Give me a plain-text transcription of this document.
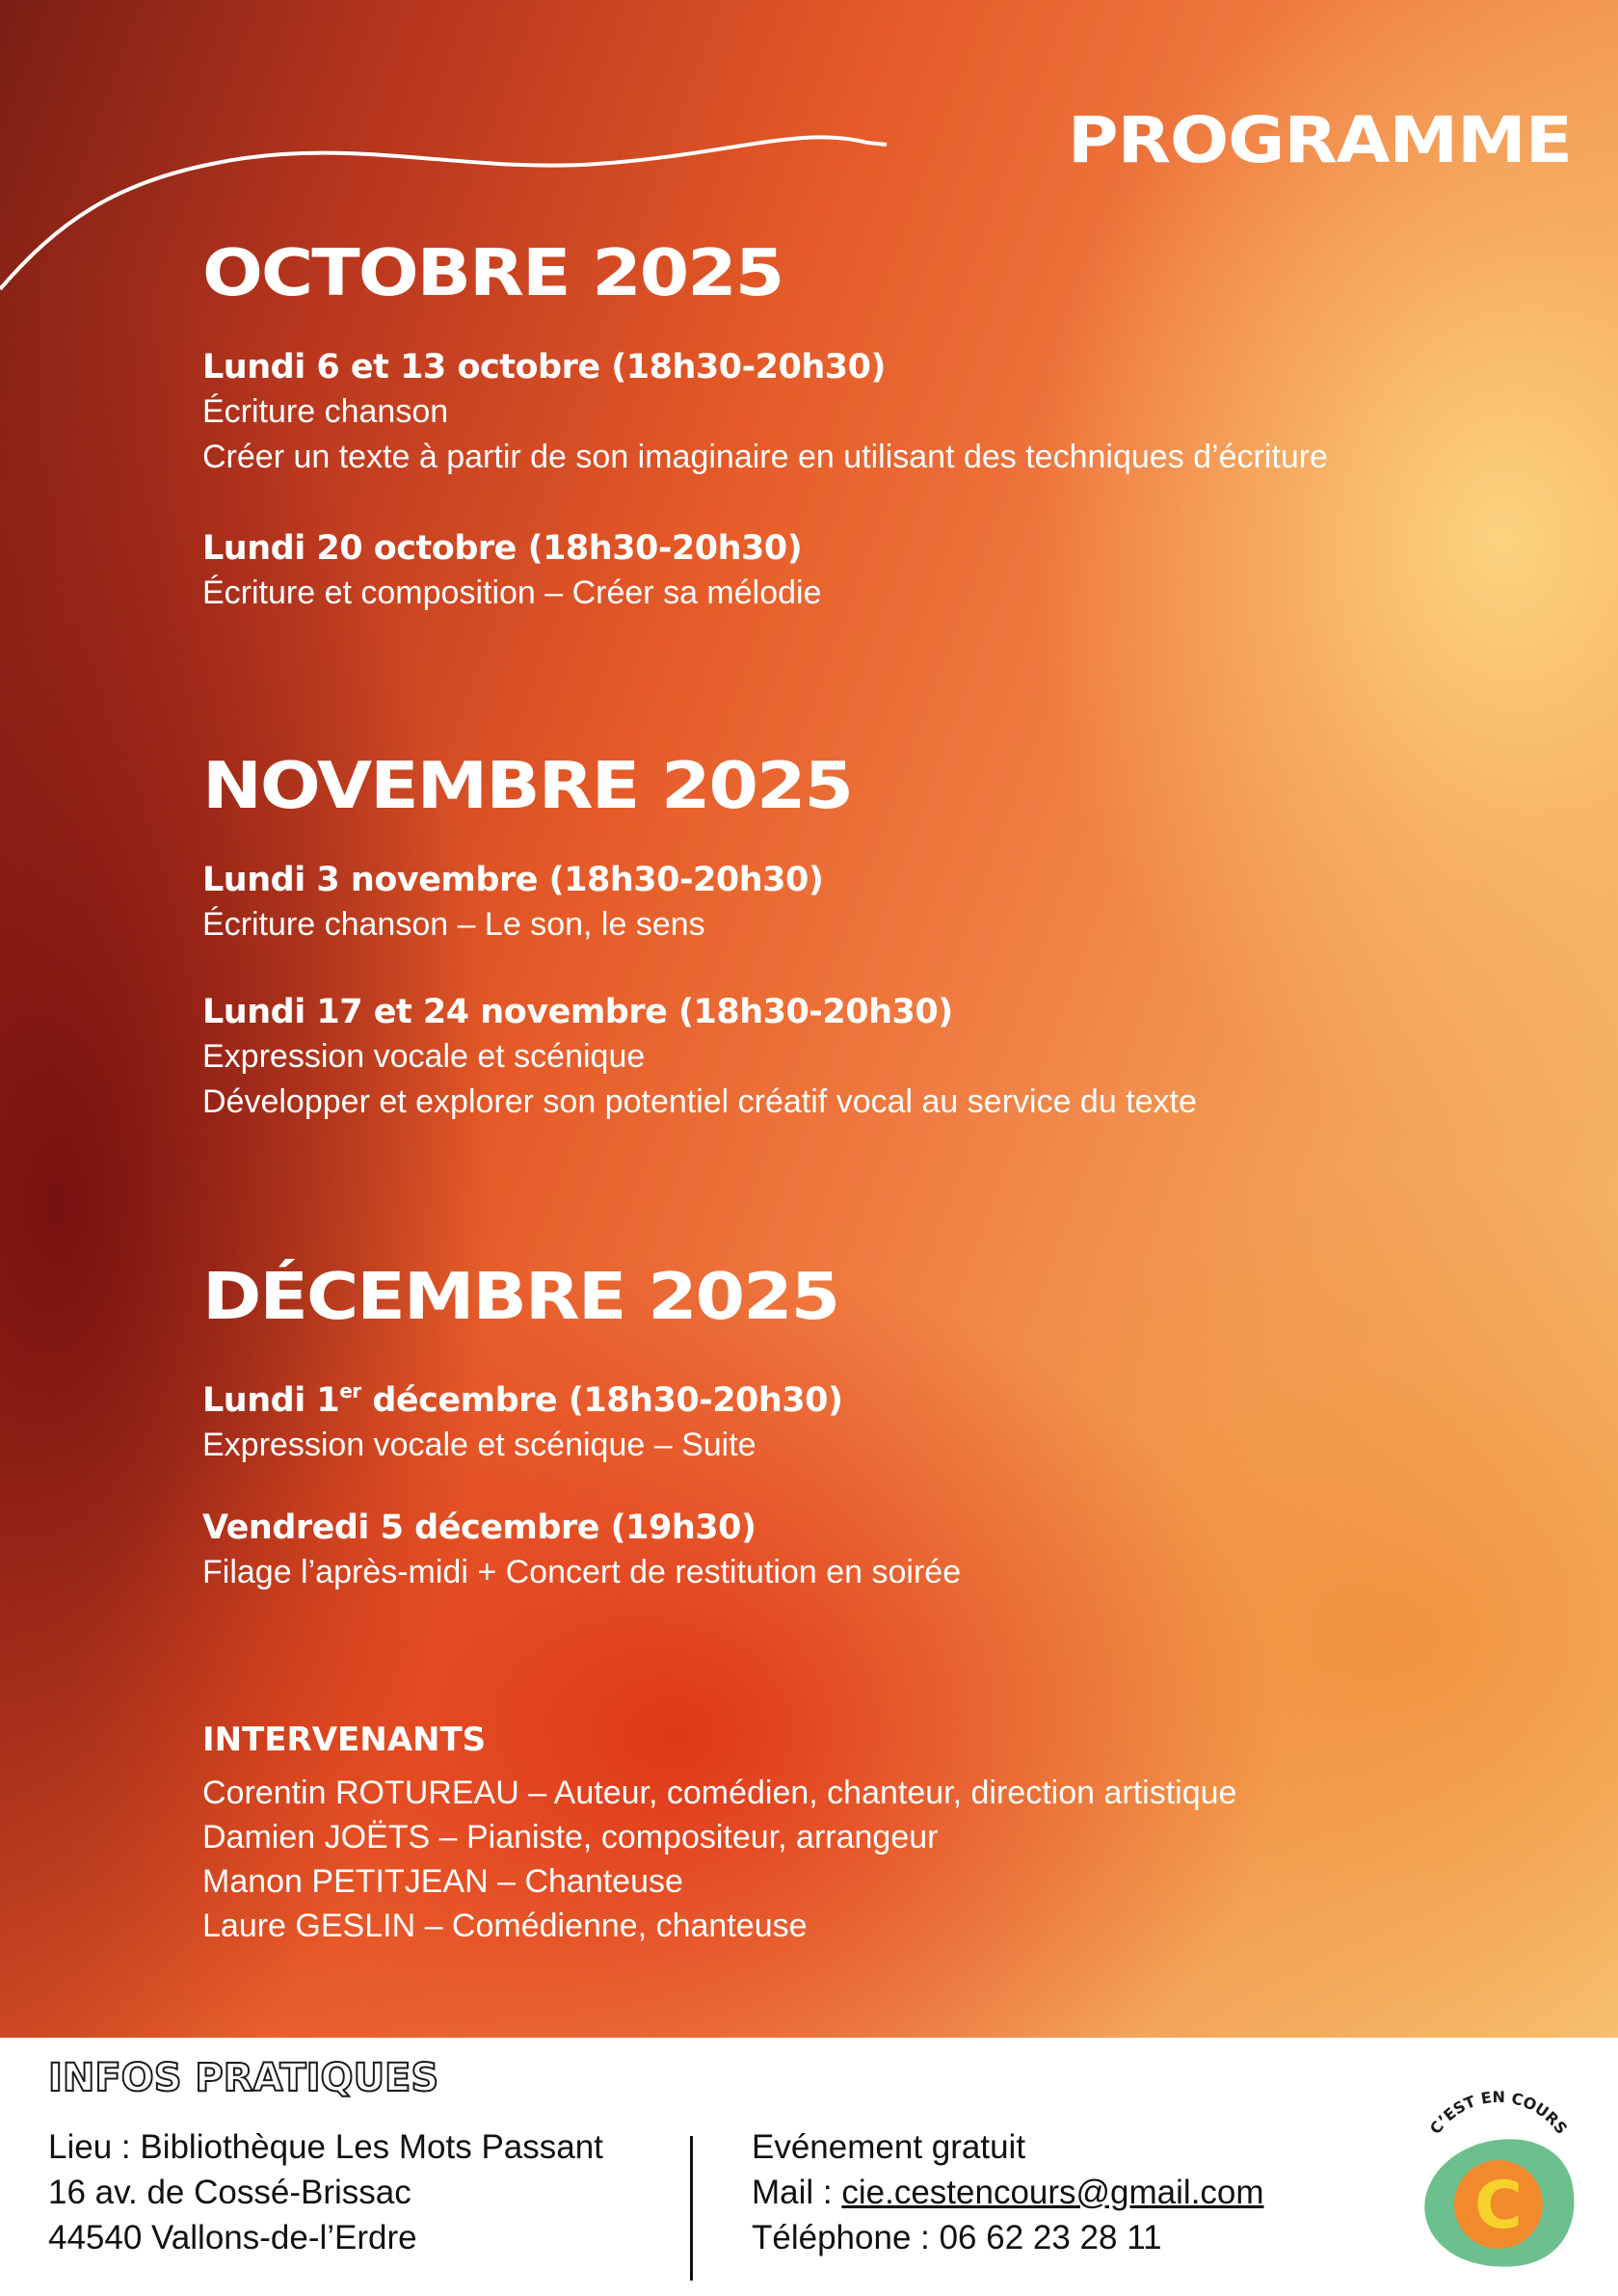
PROGRAMME
OCTOBRE 2025

Lundi 6 et 13 octobre (18h30-20h30)

Écriture chanson

Créer un texte à partir de son imaginaire en utilisant des techniques d’écriture

Lundi 20 octobre (18h30-20h30)

Écriture et composition – Créer sa mélodie

NOVEMBRE 2025

Lundi 3 novembre (18h30-20h30)

Écriture chanson – Le son, le sens

Lundi 17 et 24 novembre (18h30-20h30)

Expression vocale et scénique

Développer et explorer son potentiel créatif vocal au service du texte

DÉCEMBRE 2025

Lundi 1er décembre (18h30-20h30)

Expression vocale et scénique – Suite

Vendredi 5 décembre (19h30)

Filage l’après-midi + Concert de restitution en soirée

INTERVENANTS

Corentin ROTUREAU – Auteur, comédien, chanteur, direction artistique

Damien JOËTS – Pianiste, compositeur, arrangeur

Manon PETITJEAN – Chanteuse

Laure GESLIN – Comédienne, chanteuse

INFOS PRATIQUES

Lieu : Bibliothèque Les Mots Passant

16 av. de Cossé-Brissac

44540 Vallons-de-l’Erdre

Evénement gratuit

Mail : cie.cestencours@gmail.com

Téléphone : 06 62 23 28 11

C’EST EN COURS
C
